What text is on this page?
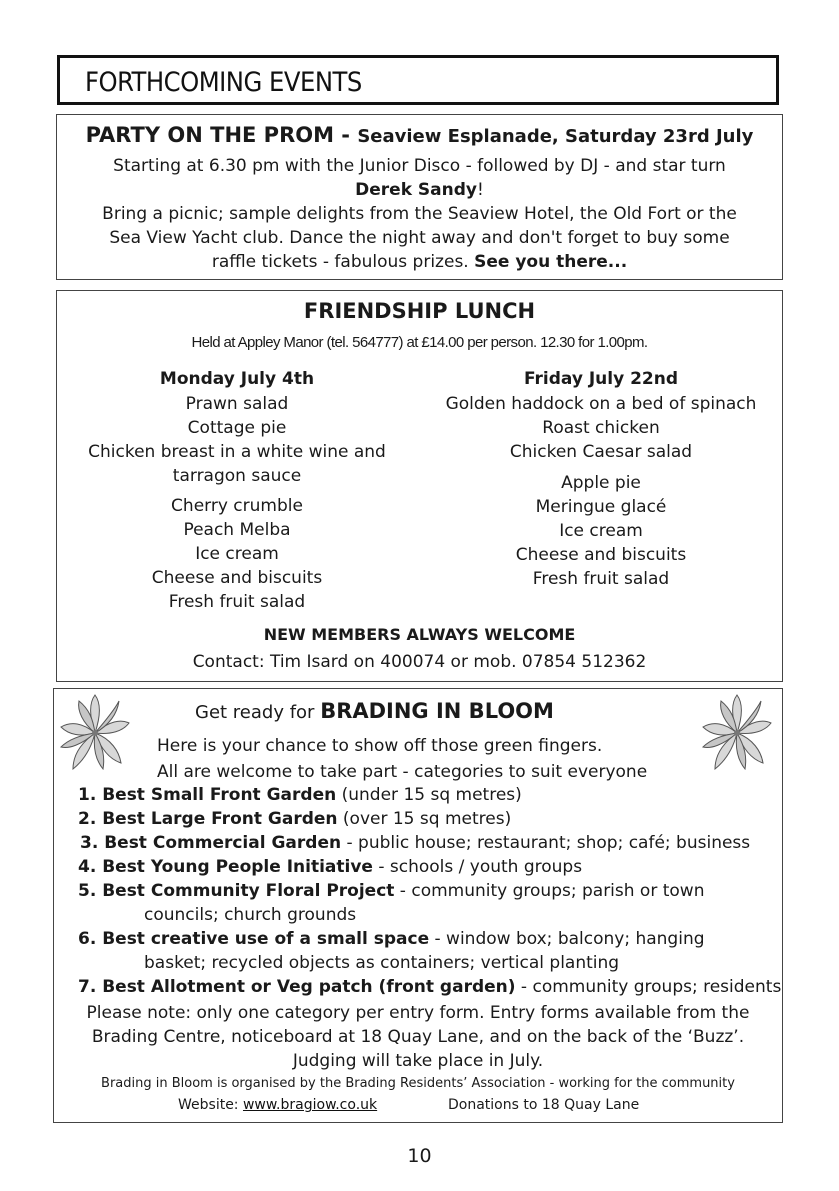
FORTHCOMING EVENTS
PARTY ON THE PROM - Seaview Esplanade, Saturday 23rd July
Starting at 6.30 pm with the Junior Disco - followed by DJ - and star turn
Derek Sandy!
Bring a picnic; sample delights from the Seaview Hotel, the Old Fort or the
Sea View Yacht club. Dance the night away and don't forget to buy some
raffle tickets - fabulous prizes. See you there...
FRIENDSHIP LUNCH
Held at Appley Manor (tel. 564777) at £14.00 per person. 12.30 for 1.00pm.
Monday July 4th
Prawn salad
Cottage pie
Chicken breast in a white wine and
tarragon sauce
Cherry crumble
Peach Melba
Ice cream
Cheese and biscuits
Fresh fruit salad
Friday July 22nd
Golden haddock on a bed of spinach
Roast chicken
Chicken Caesar salad
Apple pie
Meringue glacé
Ice cream
Cheese and biscuits
Fresh fruit salad
NEW MEMBERS ALWAYS WELCOME
Contact: Tim Isard on 400074 or mob. 07854 512362
Get ready for BRADING IN BLOOM
Here is your chance to show off those green fingers.
All are welcome to take part - categories to suit everyone
1. Best Small Front Garden (under 15 sq metres)
2. Best Large Front Garden (over 15 sq metres)
3. Best Commercial Garden - public house; restaurant; shop; café; business
4. Best Young People Initiative - schools / youth groups
5. Best Community Floral Project - community groups; parish or town
councils; church grounds
6. Best creative use of a small space - window box; balcony; hanging
basket; recycled objects as containers; vertical planting
7. Best Allotment or Veg patch (front garden) - community groups; residents
Please note: only one category per entry form. Entry forms available from the
Brading Centre, noticeboard at 18 Quay Lane, and on the back of the ‘Buzz’.
Judging will take place in July.
Brading in Bloom is organised by the Brading Residents’ Association - working for the community
Website: www.bragiow.co.uk	Donations to 18 Quay Lane
10
